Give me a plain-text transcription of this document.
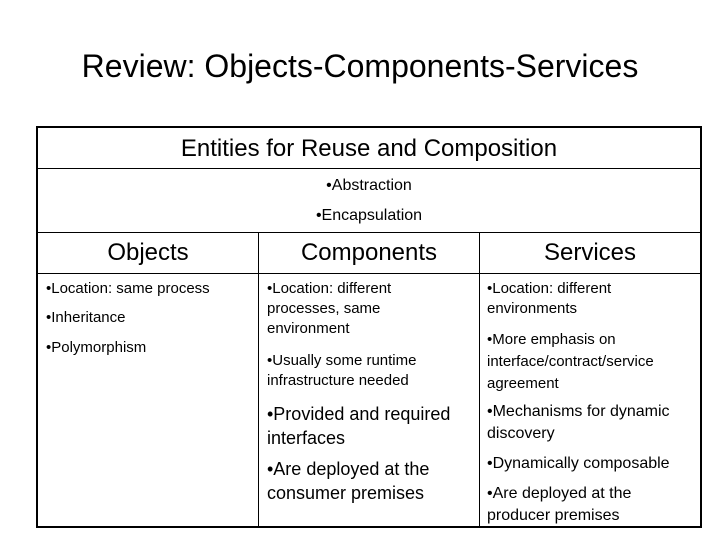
Review: Objects-Components-Services
Entities for Reuse and Composition
•Abstraction
•Encapsulation
Objects	Components	Services
•Location: same process
•Inheritance
•Polymorphism
•Location: different
processes, same
environment
•Usually some runtime
infrastructure needed
•Provided and required
interfaces
•Are deployed at the
consumer premises
•Location: different
environments
•More emphasis on
interface/contract/service
agreement
•Mechanisms for dynamic
discovery
•Dynamically composable
•Are deployed at the
producer premises
